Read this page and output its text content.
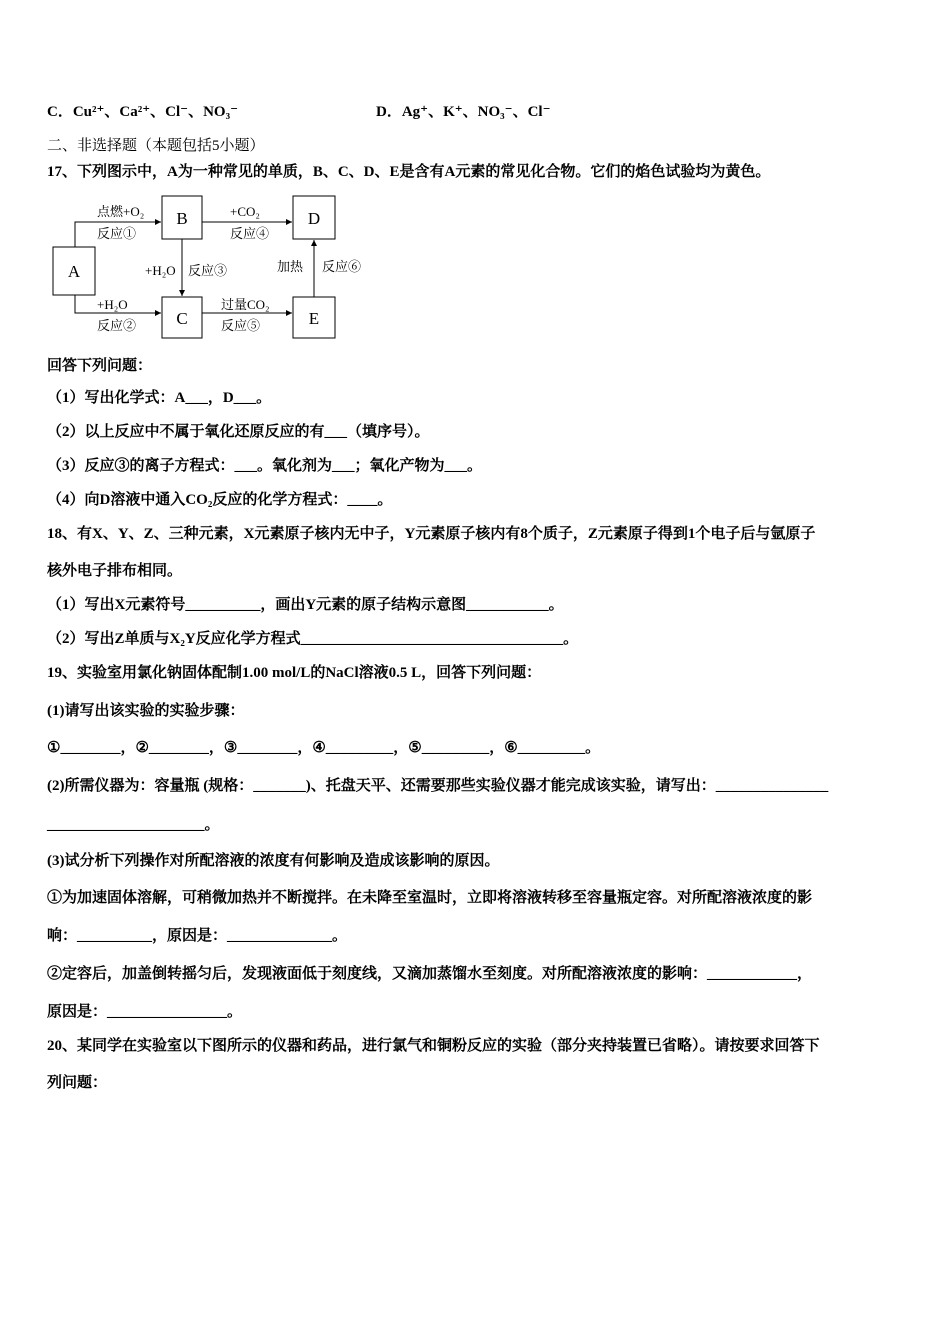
C．Cu²⁺、Ca²⁺、Cl⁻、NO₃⁻	D．Ag⁺、K⁺、NO₃⁻、Cl⁻
二、非选择题（本题包括5小题）
17、下列图示中，A为一种常见的单质，B、C、D、E是含有A元素的常见化合物。它们的焰色试验均为黄色。
A
B	D
C	E
点燃+O₂
反应①
+CO₂
反应④
+H₂O 反应③	加热 反应⑥
+H₂O
反应②
过量CO₂
反应⑤
回答下列问题：
（1）写出化学式：A___，D___。
（2）以上反应中不属于氧化还原反应的有___（填序号）。
（3）反应③的离子方程式：___。氧化剂为___；氧化产物为___。
（4）向D溶液中通入CO₂反应的化学方程式：____。
18、有X、Y、Z、三种元素，X元素原子核内无中子，Y元素原子核内有8个质子，Z元素原子得到1个电子后与氩原子
核外电子排布相同。
（1）写出X元素符号__________，画出Y元素的原子结构示意图___________。
（2）写出Z单质与X₂Y反应化学方程式___________________________________。
19、实验室用氯化钠固体配制1.00 mol/L的NaCl溶液0.5 L，回答下列问题：
(1)请写出该实验的实验步骤：
①________，②________，③________，④_________，⑤_________，⑥_________。
(2)所需仪器为：容量瓶 (规格：_______)、托盘天平、还需要那些实验仪器才能完成该实验，请写出：_______________
_____________________。
(3)试分析下列操作对所配溶液的浓度有何影响及造成该影响的原因。
①为加速固体溶解，可稍微加热并不断搅拌。在未降至室温时，立即将溶液转移至容量瓶定容。对所配溶液浓度的影
响：__________，原因是：______________。
②定容后，加盖倒转摇匀后，发现液面低于刻度线，又滴加蒸馏水至刻度。对所配溶液浓度的影响：____________，
原因是：________________。
20、某同学在实验室以下图所示的仪器和药品，进行氯气和铜粉反应的实验（部分夹持装置已省略）。请按要求回答下
列问题：
